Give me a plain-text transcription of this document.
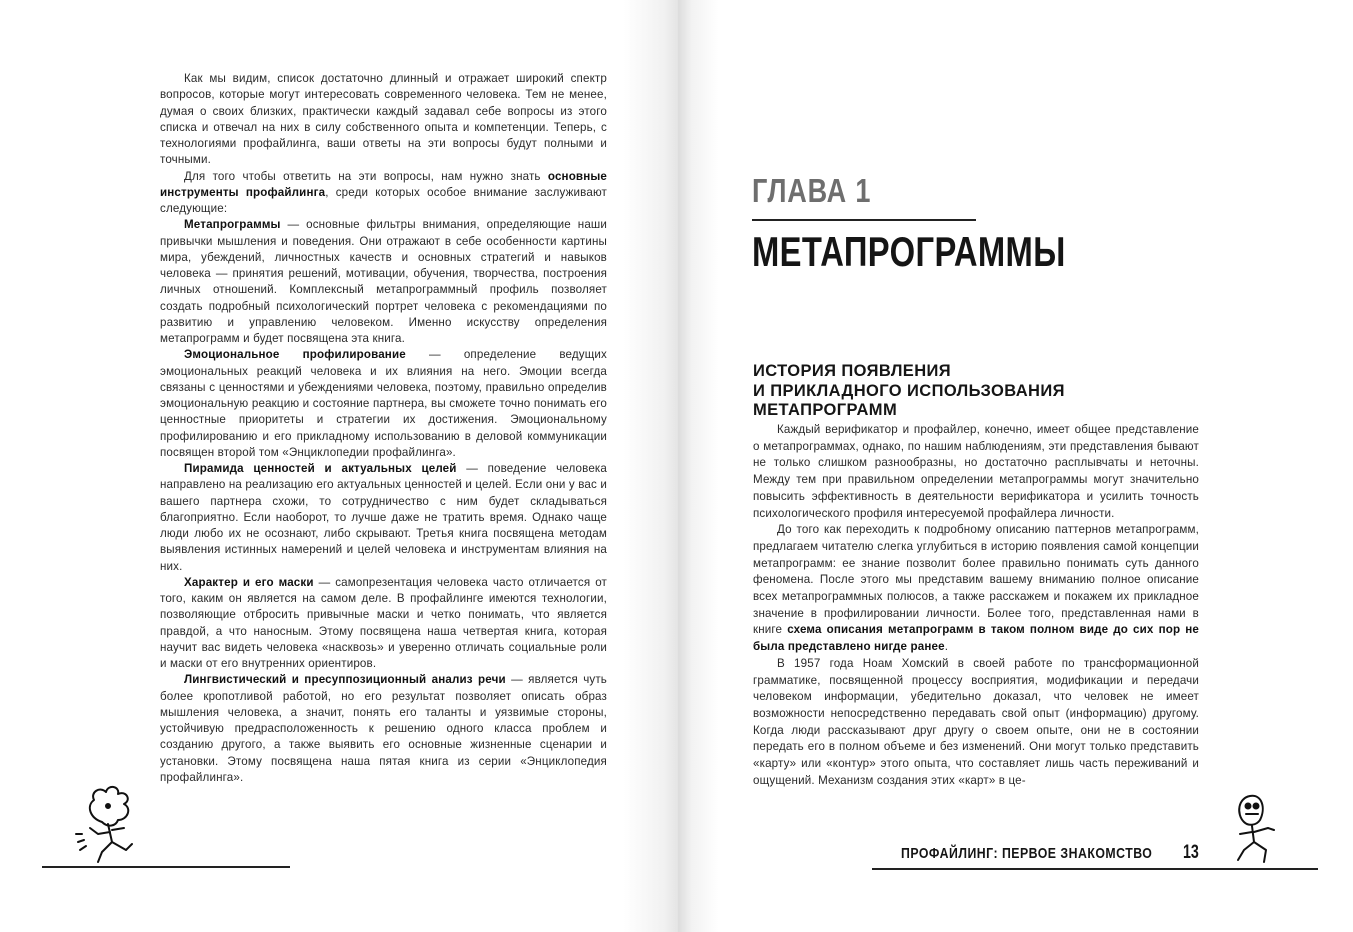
Как мы видим, список достаточно длинный и отражает широкий спектр вопросов, которые могут интересовать современного человека. Тем не менее, думая о своих близких, практически каждый задавал себе вопросы из этого списка и отвечал на них в силу собственного опыта и компетенции. Теперь, с технологиями профайлинга, ваши ответы на эти вопросы будут полными и точными.

Для того чтобы ответить на эти вопросы, нам нужно знать основные инструменты профайлинга, среди которых особое внимание заслуживают следующие:

Метапрограммы — основные фильтры внимания, определяющие наши привычки мышления и поведения. Они отражают в себе особенности картины мира, убеждений, личностных качеств и основных стратегий и навыков человека — принятия решений, мотивации, обучения, творчества, построения личных отношений. Комплексный метапрограммный профиль позволяет создать подробный психологический портрет человека с рекомендациями по развитию и управлению человеком. Именно искусству определения метапрограмм и будет посвящена эта книга.

Эмоциональное профилирование — определение ведущих эмоциональных реакций человека и их влияния на него. Эмоции всегда связаны с ценностями и убеждениями человека, поэтому, правильно определив эмоциональную реакцию и состояние партнера, вы сможете точно понимать его ценностные приоритеты и стратегии их достижения. Эмоциональному профилированию и его прикладному использованию в деловой коммуникации посвящен второй том «Энциклопедии профайлинга».

Пирамида ценностей и актуальных целей — поведение человека направлено на реализацию его актуальных ценностей и целей. Если они у вас и вашего партнера схожи, то сотрудничество с ним будет складываться благоприятно. Если наоборот, то лучше даже не тратить время. Однако чаще люди любо их не осознают, либо скрывают. Третья книга посвящена методам выявления истинных намерений и целей человека и инструментам влияния на них.

Характер и его маски — самопрезентация человека часто отличается от того, каким он является на самом деле. В профайлинге имеются технологии, позволяющие отбросить привычные маски и четко понимать, что является правдой, а что наносным. Этому посвящена наша четвертая книга, которая научит вас видеть человека «насквозь» и уверенно отличать социальные роли и маски от его внутренних ориентиров.

Лингвистический и пресуппозиционный анализ речи — является чуть более кропотливой работой, но его результат позволяет описать образ мышления человека, а значит, понять его таланты и уязвимые стороны, устойчивую предрасположенность к решению одного класса проблем и созданию другого, а также выявить его основные жизненные сценарии и установки. Этому посвящена наша пятая книга из серии «Энциклопедия профайлинга».

ГЛАВА 1
МЕТАПРОГРАММЫ
ИСТОРИЯ ПОЯВЛЕНИЯ
И ПРИКЛАДНОГО ИСПОЛЬЗОВАНИЯ
МЕТАПРОГРАММ

Каждый верификатор и профайлер, конечно, имеет общее представление о метапрограммах, однако, по нашим наблюдениям, эти представления бывают не только слишком разнообразны, но достаточно расплывчаты и неточны. Между тем при правильном определении метапрограммы могут значительно повысить эффективность в деятельности верификатора и усилить точность психологического профиля интересуемой профайлера личности.

До того как переходить к подробному описанию паттернов метапрограмм, предлагаем читателю слегка углубиться в историю появления самой концепции метапрограмм: ее знание позволит более правильно понимать суть данного феномена. После этого мы представим вашему вниманию полное описание всех метапрограммных полюсов, а также расскажем и покажем их прикладное значение в профилировании личности. Более того, представленная нами в книге схема описания метапрограмм в таком полном виде до сих пор не была представлено нигде ранее.

В 1957 года Ноам Хомский в своей работе по трансформационной грамматике, посвященной процессу восприятия, модификации и передачи человеком информации, убедительно доказал, что человек не имеет возможности непосредственно передавать свой опыт (информацию) другому. Когда люди рассказывают друг другу о своем опыте, они не в состоянии передать его в полном объеме и без изменений. Они могут только представить «карту» или «контур» этого опыта, что составляет лишь часть переживаний и ощущений. Механизм создания этих «карт» в це-

ПРОФАЙЛИНГ: ПЕРВОЕ ЗНАКОМСТВО 13
